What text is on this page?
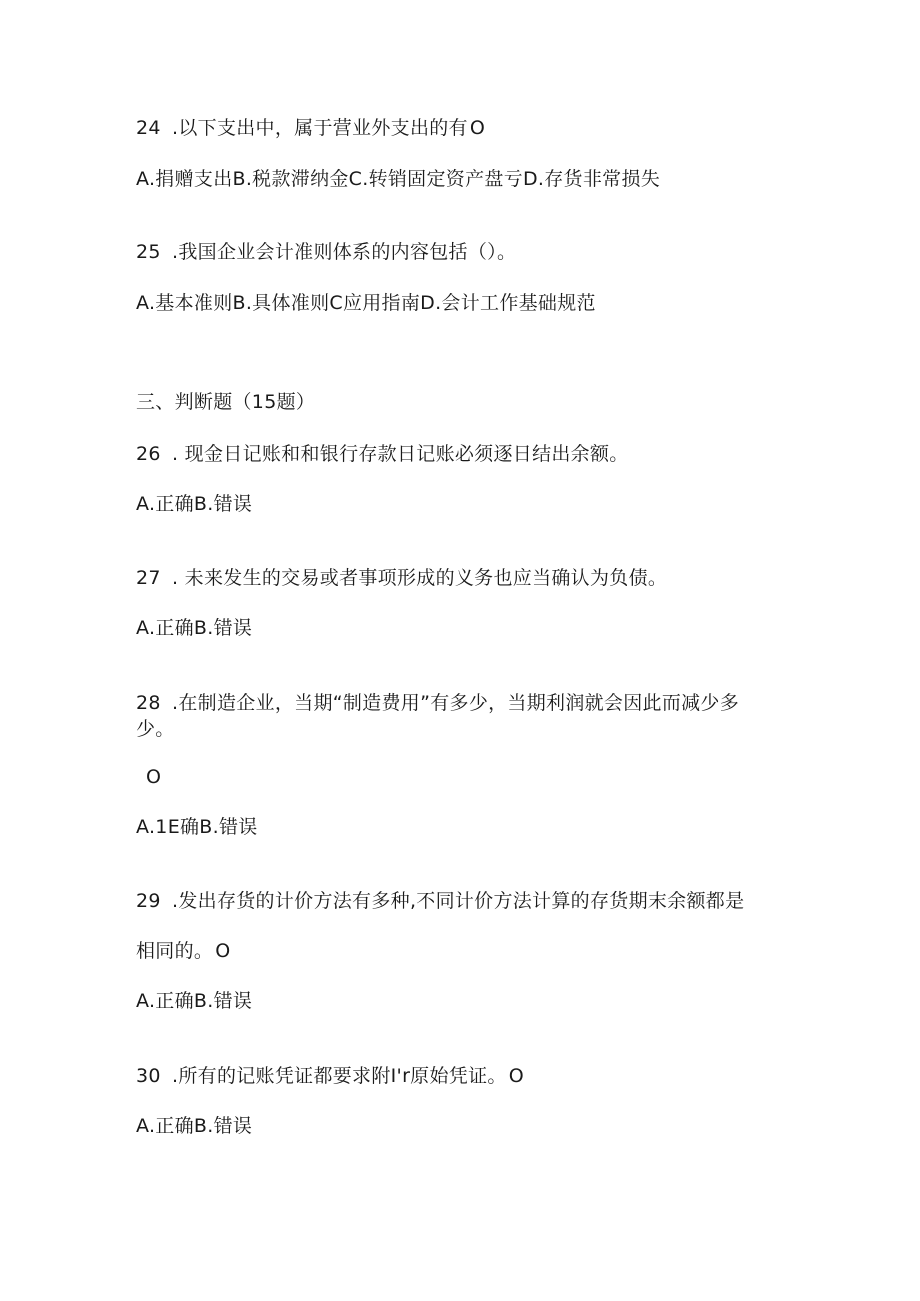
24 .以下支出中，属于营业外支出的有 O
A.捐赠支出B.税款滞纳金C.转销固定资产盘亏D.存货非常损失
25 .我国企业会计准则体系的内容包括（）。
A.基本准则B.具体准则C应用指南D.会计工作基础规范
三、判断题（15题）
26 . 现金日记账和和银行存款日记账必须逐日结出余额。
A.正确B.错误
27 . 未来发生的交易或者事项形成的义务也应当确认为负债。
A.正确B.错误
28 .在制造企业，当期“制造费用”有多少，当期利润就会因此而减少多
少。
O
A.1E确B.错误
29 .发出存货的计价方法有多种,不同计价方法计算的存货期末余额都是
相同的。 O
A.正确B.错误
30 .所有的记账凭证都要求附I'r原始凭证。 O
A.正确B.错误
